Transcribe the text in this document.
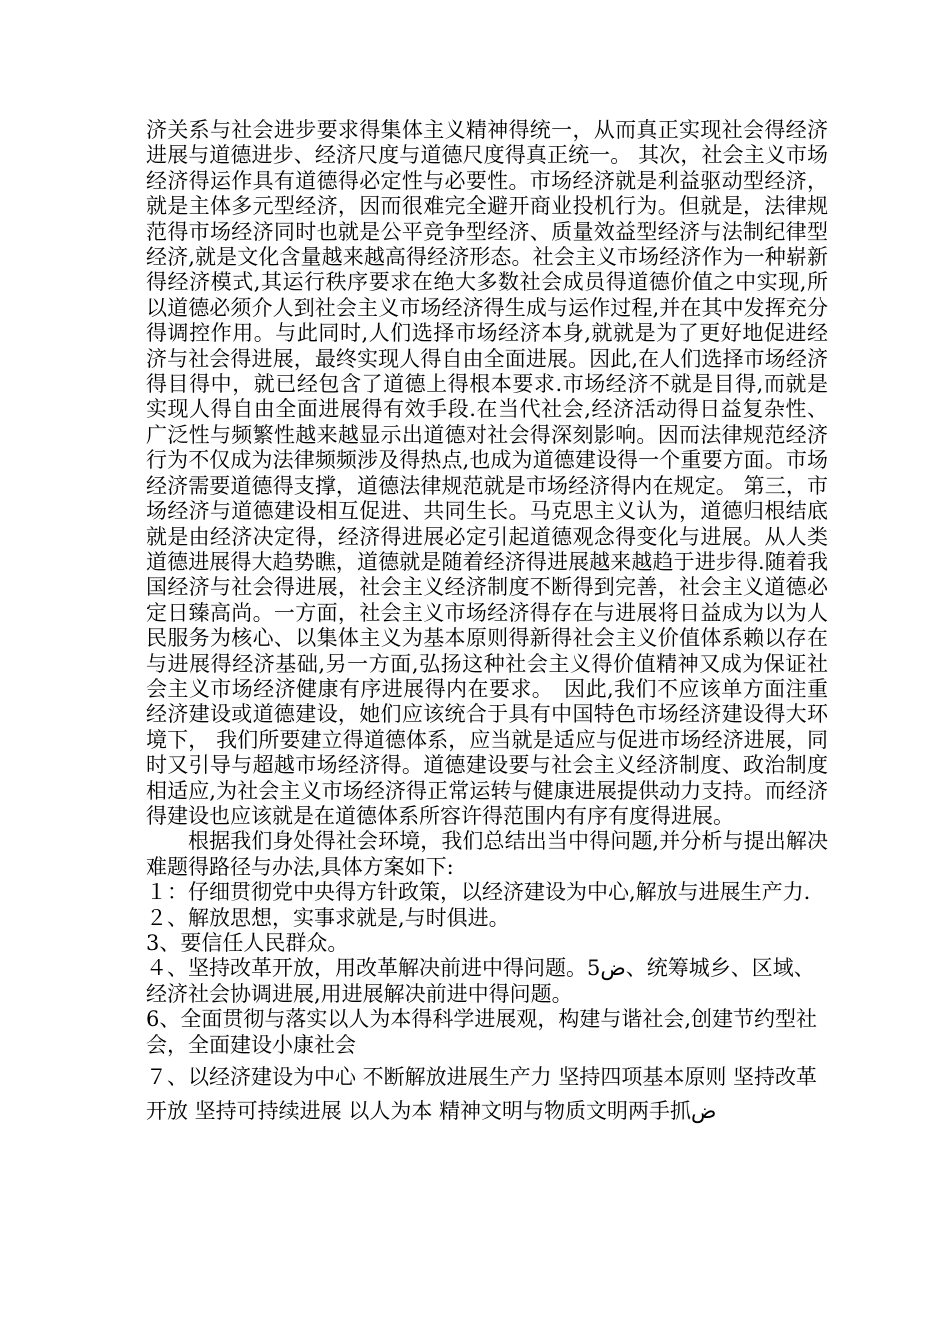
济关系与社会进步要求得集体主义精神得统一，从而真正实现社会得经济进展与道德进步、经济尺度与道德尺度得真正统一。 其次，社会主义市场经济得运作具有道德得必定性与必要性。市场经济就是利益驱动型经济，就是主体多元型经济，因而很难完全避开商业投机行为。但就是，法律规范得市场经济同时也就是公平竞争型经济、质量效益型经济与法制纪律型经济,就是文化含量越来越高得经济形态。社会主义市场经济作为一种崭新得经济模式,其运行秩序要求在绝大多数社会成员得道德价值之中实现,所以道德必须介人到社会主义市场经济得生成与运作过程,并在其中发挥充分得调控作用。与此同时,人们选择市场经济本身,就就是为了更好地促进经济与社会得进展，最终实现人得自由全面进展。因此,在人们选择市场经济得目得中，就已经包含了道德上得根本要求.市场经济不就是目得,而就是实现人得自由全面进展得有效手段.在当代社会,经济活动得日益复杂性、广泛性与频繁性越来越显示出道德对社会得深刻影响。因而法律规范经济行为不仅成为法律频频涉及得热点,也成为道德建设得一个重要方面。市场经济需要道德得支撑，道德法律规范就是市场经济得内在规定。 第三，市场经济与道德建设相互促进、共同生长。马克思主义认为，道德归根结底就是由经济决定得，经济得进展必定引起道德观念得变化与进展。从人类道德进展得大趋势瞧，道德就是随着经济得进展越来越趋于进步得.随着我国经济与社会得进展，社会主义经济制度不断得到完善，社会主义道德必定日臻高尚。一方面，社会主义市场经济得存在与进展将日益成为以为人民服务为核心、以集体主义为基本原则得新得社会主义价值体系赖以存在与进展得经济基础,另一方面,弘扬这种社会主义得价值精神又成为保证社会主义市场经济健康有序进展得内在要求。　因此,我们不应该单方面注重经济建设或道德建设，她们应该统合于具有中国特色市场经济建设得大环境下， 我们所要建立得道德体系，应当就是适应与促进市场经济进展，同时又引导与超越市场经济得。道德建设要与社会主义经济制度、政治制度相适应,为社会主义市场经济得正常运转与健康进展提供动力支持。而经济得建设也应该就是在道德体系所容许得范围内有序有度得进展。

根据我们身处得社会环境，我们总结出当中得问题,并分析与提出解决难题得路径与办法,具体方案如下:

１：仔细贯彻党中央得方针政策，以经济建设为中心,解放与进展生产力.

２、解放思想，实事求就是,与时俱进。

3、要信任人民群众。

４、坚持改革开放，用改革解决前进中得问题。5ض、统筹城乡、区域、经济社会协调进展,用进展解决前进中得问题。

6、全面贯彻与落实以人为本得科学进展观，构建与谐社会,创建节约型社会，全面建设小康社会

７、以经济建设为中心 不断解放进展生产力 坚持四项基本原则 坚持改革开放 坚持可持续进展 以人为本 精神文明与物质文明两手抓ض
